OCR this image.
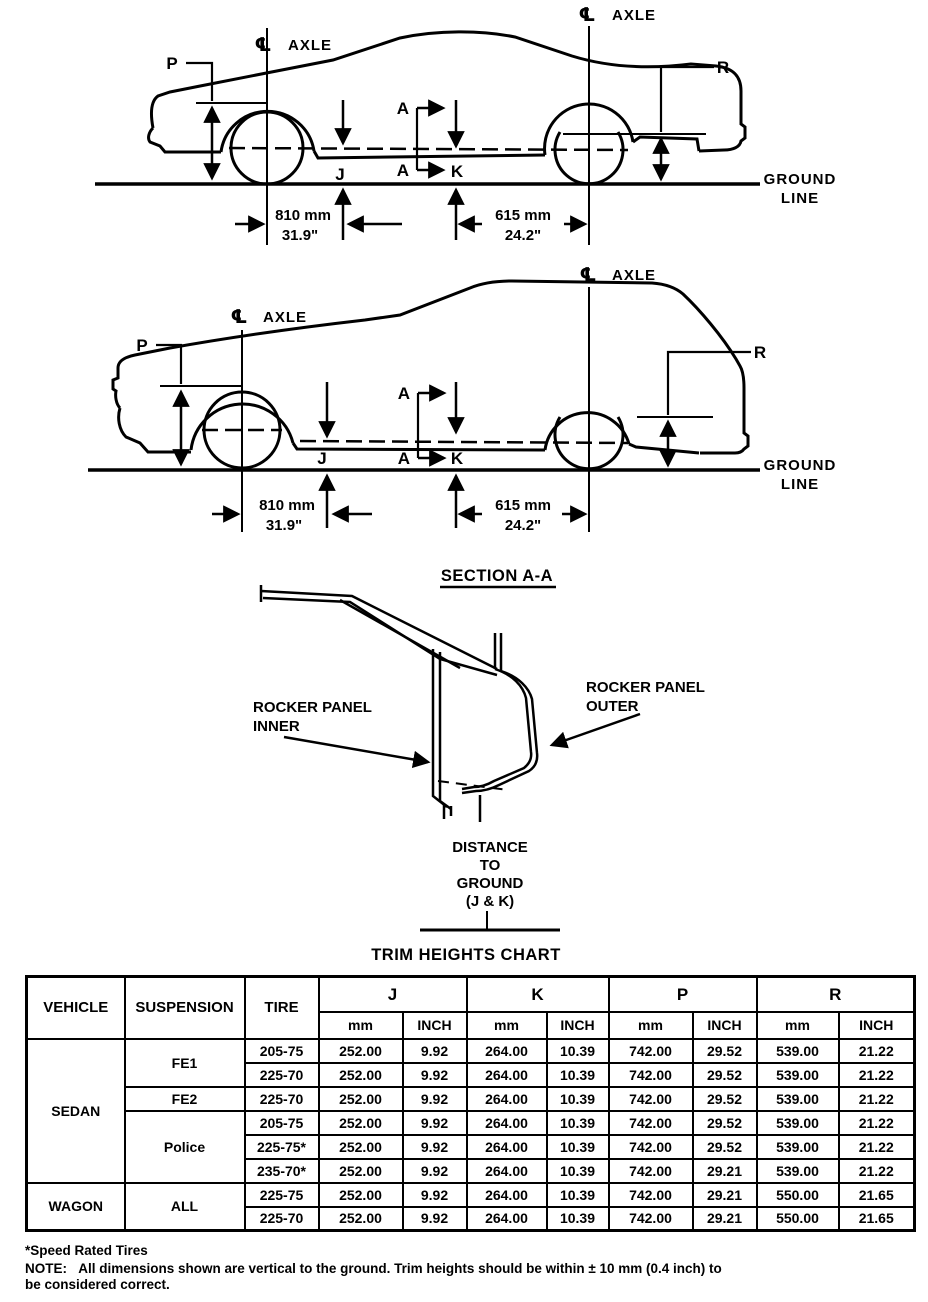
℄ AXLE
℄ AXLE
P	R
J	K
A
A	GROUND
LINE
810 mm
31.9"
615 mm
24.2"
℄ AXLE
℄ AXLE
P	R
J	K
A
A	GROUND
LINE
810 mm
31.9"
615 mm
24.2"
SECTION A-A
ROCKER PANEL
INNER
ROCKER PANEL
OUTER
DISTANCE
TO
GROUND
(J & K)
TRIM HEIGHTS CHART
VEHICLE	SUSPENSION	TIRE	J		K		P		R	
			mm	INCH	mm	INCH	mm	INCH	mm	INCH
SEDAN	FE1	205-75	252.00	9.92	264.00	10.39	742.00	29.52	539.00	21.22
		225-70	252.00	9.92	264.00	10.39	742.00	29.52	539.00	21.22
	FE2	225-70	252.00	9.92	264.00	10.39	742.00	29.52	539.00	21.22
	Police	205-75	252.00	9.92	264.00	10.39	742.00	29.52	539.00	21.22
		225-75*	252.00	9.92	264.00	10.39	742.00	29.52	539.00	21.22
		235-70*	252.00	9.92	264.00	10.39	742.00	29.21	539.00	21.22
WAGON	ALL	225-75	252.00	9.92	264.00	10.39	742.00	29.21	550.00	21.65
		225-70	252.00	9.92	264.00	10.39	742.00	29.21	550.00	21.65
*Speed Rated Tires
NOTE: All dimensions shown are vertical to the ground. Trim heights should be within ± 10 mm (0.4 inch) to
be considered correct.
